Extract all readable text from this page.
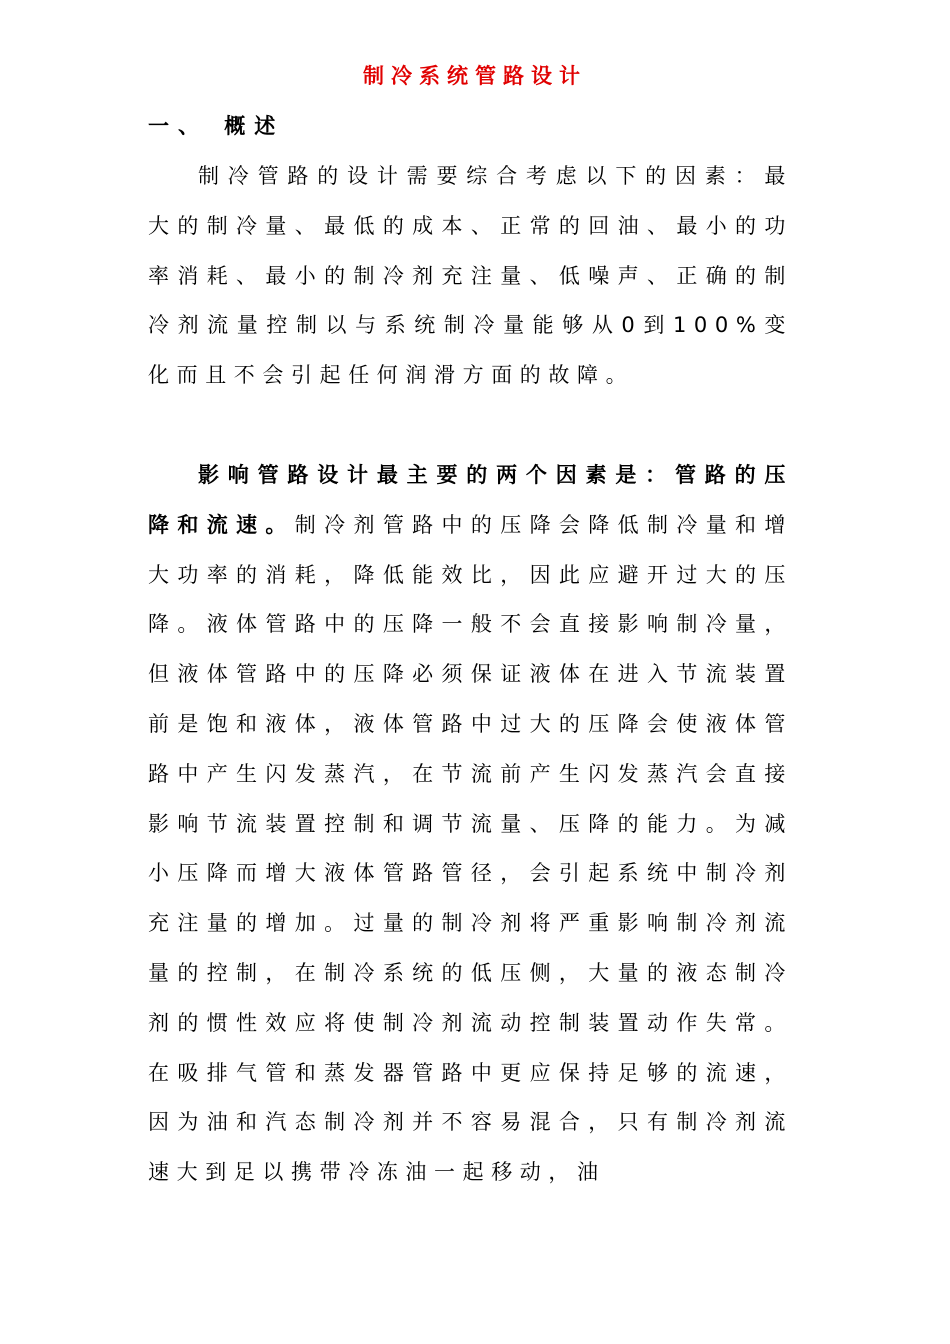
制冷系统管路设计
一、 概述

制冷管路的设计需要综合考虑以下的因素：最大的制冷量、最低的成本、正常的回油、最小的功率消耗、最小的制冷剂充注量、低噪声、正确的制冷剂流量控制以与系统制冷量能够从0到100%变化而且不会引起任何润滑方面的故障。

影响管路设计最主要的两个因素是：管路的压降和流速。制冷剂管路中的压降会降低制冷量和增大功率的消耗，降低能效比，因此应避开过大的压降。液体管路中的压降一般不会直接影响制冷量，但液体管路中的压降必须保证液体在进入节流装置前是饱和液体，液体管路中过大的压降会使液体管路中产生闪发蒸汽，在节流前产生闪发蒸汽会直接影响节流装置控制和调节流量、压降的能力。为减小压降而增大液体管路管径，会引起系统中制冷剂充注量的增加。过量的制冷剂将严重影响制冷剂流量的控制，在制冷系统的低压侧，大量的液态制冷剂的惯性效应将使制冷剂流动控制装置动作失常。在吸排气管和蒸发器管路中更应保持足够的流速，因为油和汽态制冷剂并不容易混合，只有制冷剂流速大到足以携带冷冻油一起移动，油
